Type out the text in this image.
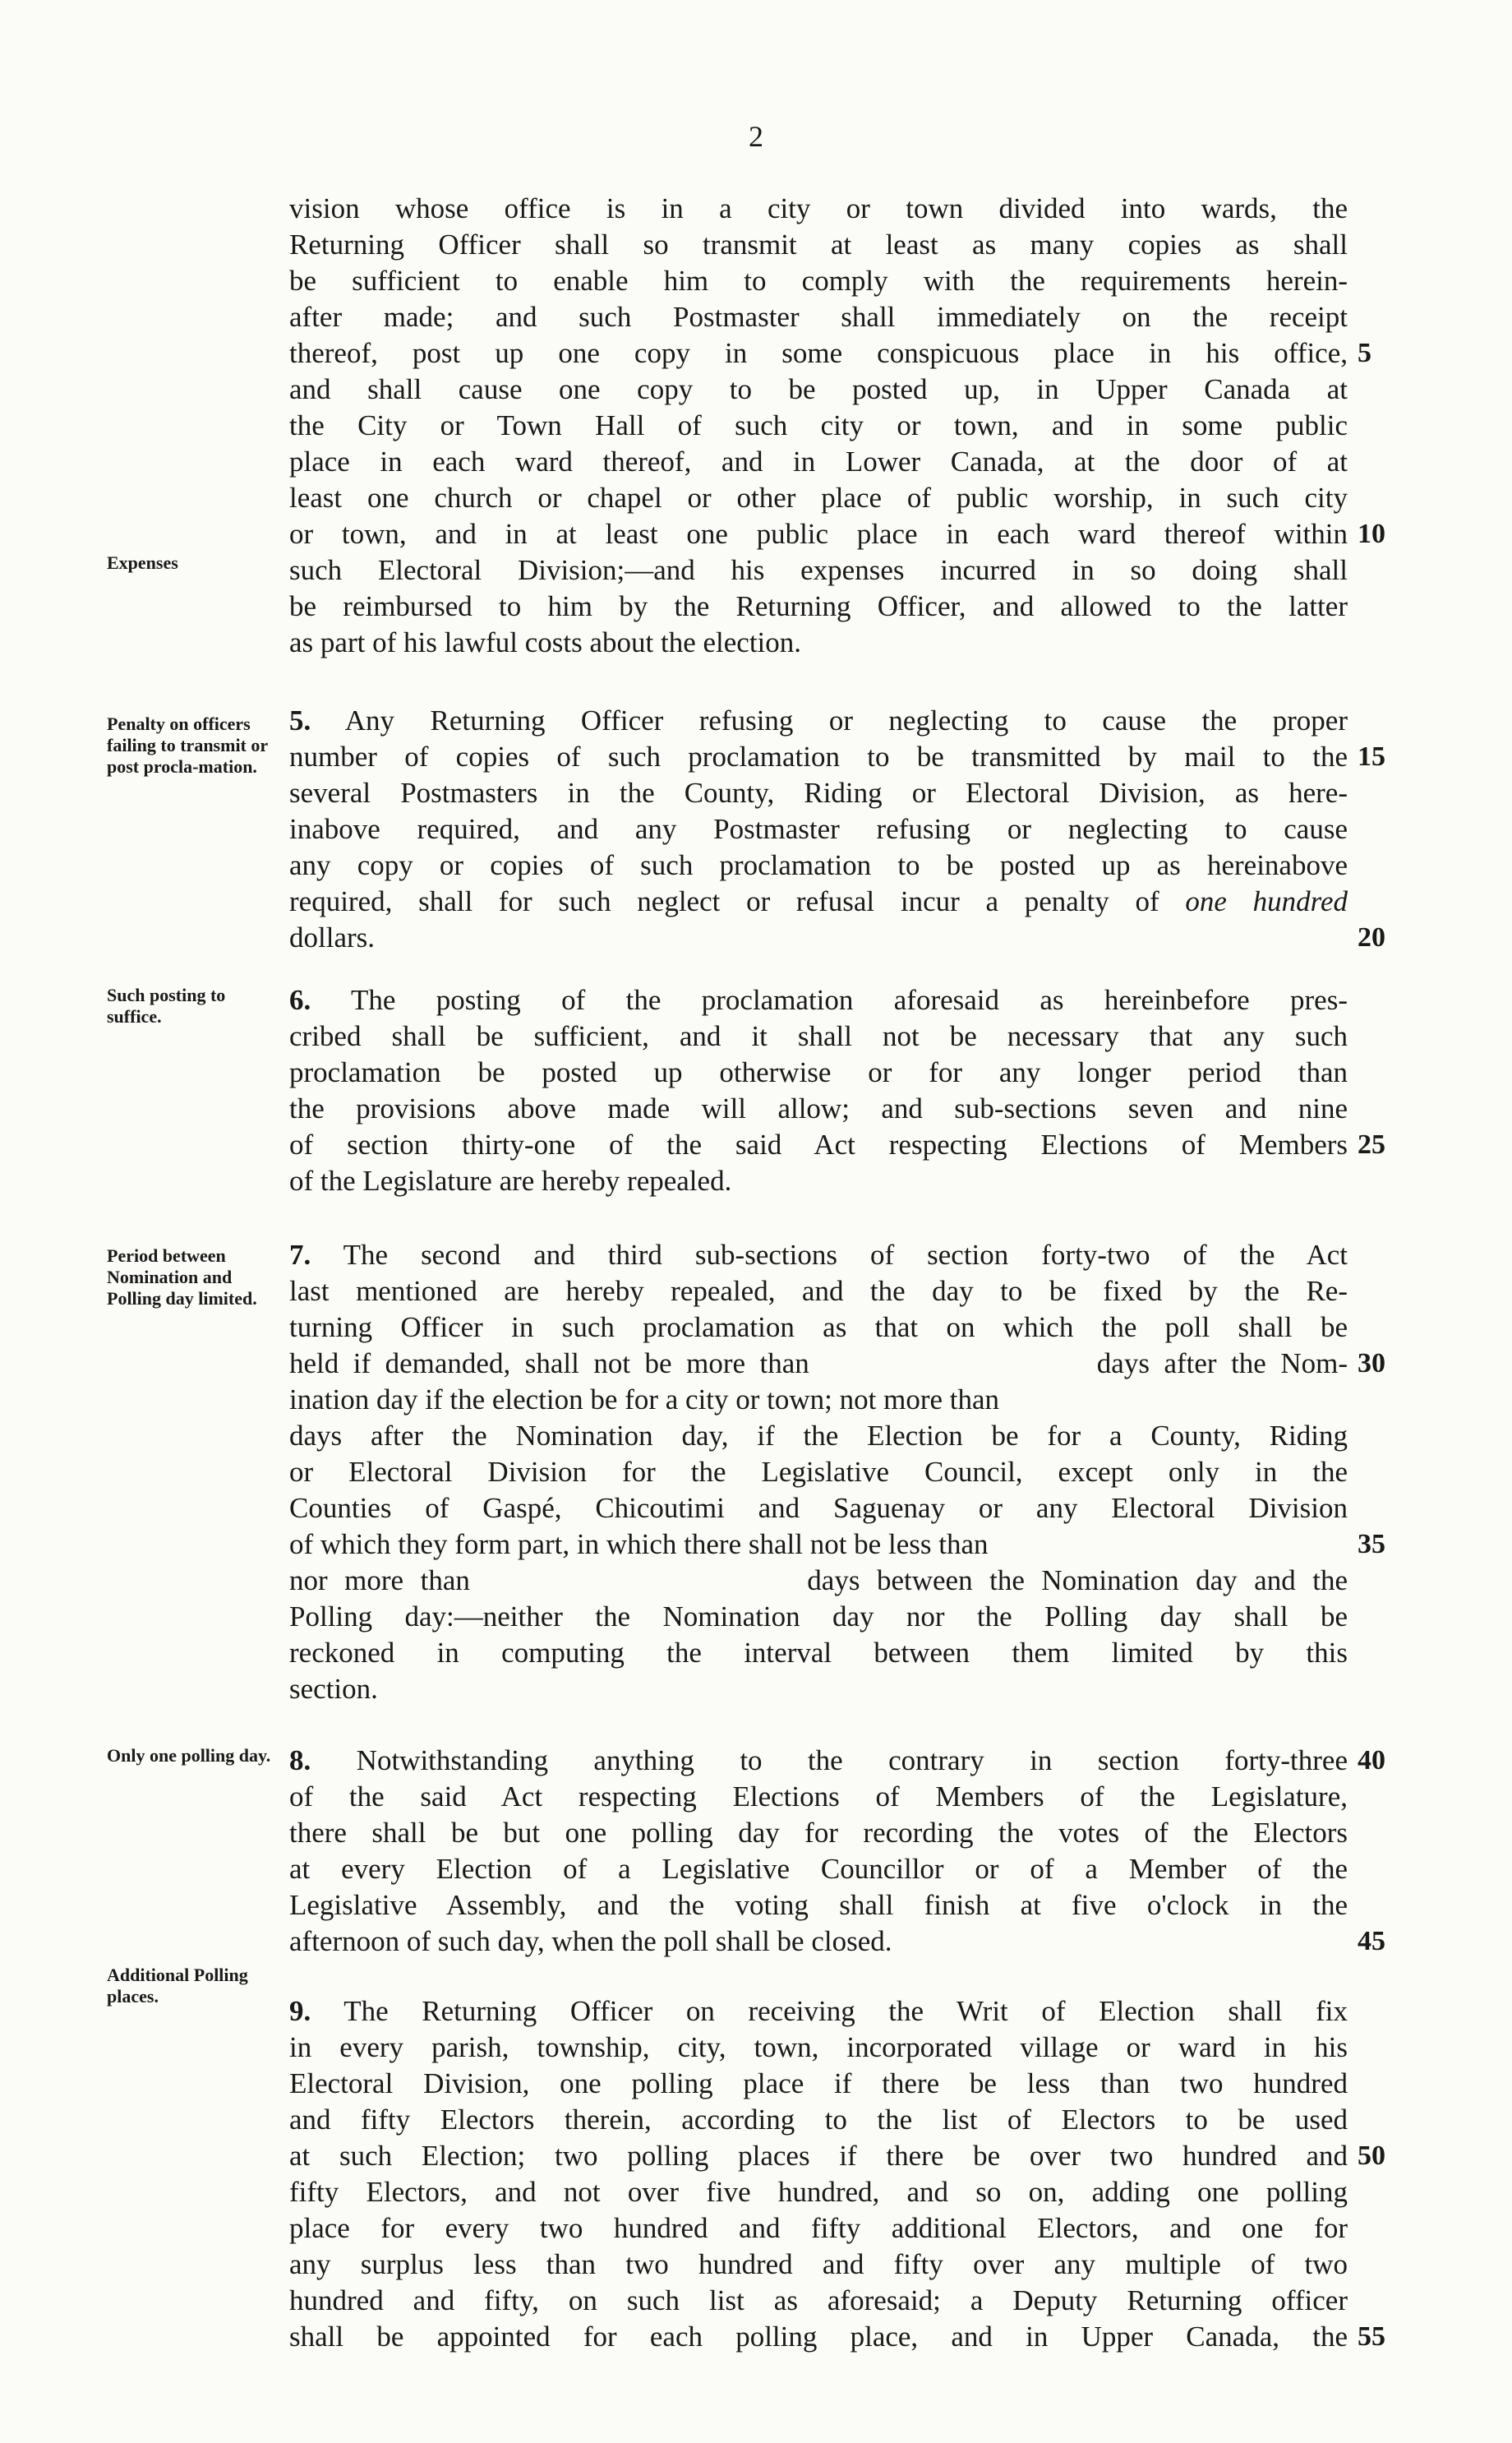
2
Expenses
Penalty on officers failing to transmit or post procla-mation.
Such posting to suffice.
Period between Nomination and Polling day limited.
Only one polling day.
Additional Polling places.
vision whose office is in a city or town divided into wards, the
Returning Officer shall so transmit at least as many copies as shall
be sufficient to enable him to comply with the requirements herein-
after made; and such Postmaster shall immediately on the receipt
thereof, post up one copy in some conspicuous place in his office, 5
and shall cause one copy to be posted up, in Upper Canada at
the City or Town Hall of such city or town, and in some public
place in each ward thereof, and in Lower Canada, at the door of at
least one church or chapel or other place of public worship, in such city
or town, and in at least one public place in each ward thereof within 10
such Electoral Division;—and his expenses incurred in so doing shall
be reimbursed to him by the Returning Officer, and allowed to the latter
as part of his lawful costs about the election.
5. Any Returning Officer refusing or neglecting to cause the proper
number of copies of such proclamation to be transmitted by mail to the 15
several Postmasters in the County, Riding or Electoral Division, as here-
inabove required, and any Postmaster refusing or neglecting to cause
any copy or copies of such proclamation to be posted up as hereinabove
required, shall for such neglect or refusal incur a penalty of one hundred
dollars.	20
6. The posting of the proclamation aforesaid as hereinbefore pres-
cribed shall be sufficient, and it shall not be necessary that any such
proclamation be posted up otherwise or for any longer period than
the provisions above made will allow; and sub-sections seven and nine
of section thirty-one of the said Act respecting Elections of Members 25
of the Legislature are hereby repealed.
7. The second and third sub-sections of section forty-two of the Act
last mentioned are hereby repealed, and the day to be fixed by the Re-
turning Officer in such proclamation as that on which the poll shall be
held if demanded, shall not be more than                    days after the Nom- 30
ination day if the election be for a city or town; not more than
days after the Nomination day, if the Election be for a County, Riding
or Electoral Division for the Legislative Council, except only in the
Counties of Gaspé, Chicoutimi and Saguenay or any Electoral Division
of which they form part, in which there shall not be less than	35
nor more than                    days between the Nomination day and the
Polling day:—neither the Nomination day nor the Polling day shall be
reckoned in computing the interval between them limited by this
section.
8. Notwithstanding anything to the contrary in section forty-three 40
of the said Act respecting Elections of Members of the Legislature,
there shall be but one polling day for recording the votes of the Electors
at every Election of a Legislative Councillor or of a Member of the
Legislative Assembly, and the voting shall finish at five o'clock in the
afternoon of such day, when the poll shall be closed.	45
9. The Returning Officer on receiving the Writ of Election shall fix
in every parish, township, city, town, incorporated village or ward in his
Electoral Division, one polling place if there be less than two hundred
and fifty Electors therein, according to the list of Electors to be used
at such Election; two polling places if there be over two hundred and 50
fifty Electors, and not over five hundred, and so on, adding one polling
place for every two hundred and fifty additional Electors, and one for
any surplus less than two hundred and fifty over any multiple of two
hundred and fifty, on such list as aforesaid; a Deputy Returning officer
shall be appointed for each polling place, and in Upper Canada, the 55
